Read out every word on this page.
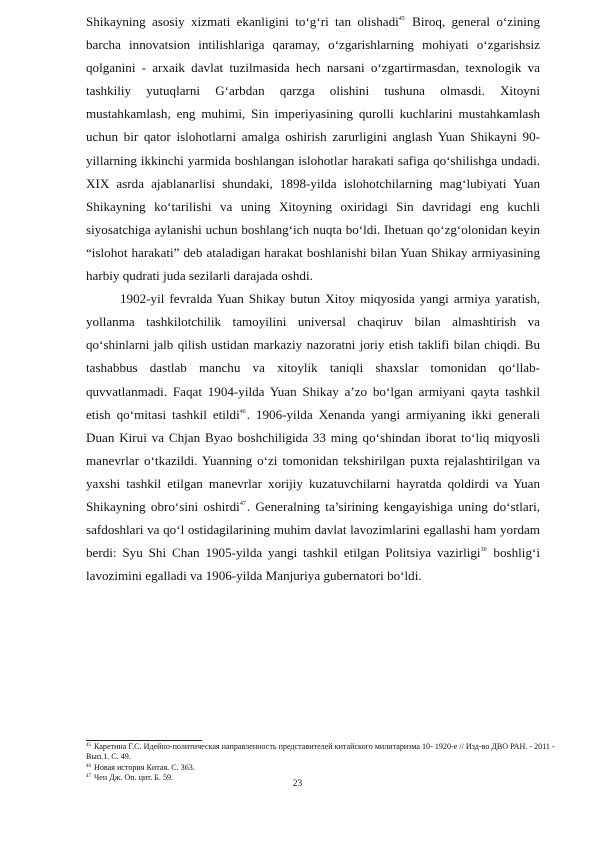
Shikayning asosiy xizmati ekanligini to‘g‘ri tan olishadi$^{45}$ Biroq, general o‘zining barcha innovatsion intilishlariga qaramay, o‘zgarishlarning mohiyati o‘zgarishsiz qolganini - arxaik davlat tuzilmasida hech narsani o‘zgartirmasdan, texnologik va tashkiliy yutuqlarni G‘arbdan qarzga olishini tushuna olmasdi. Xitoyni mustahkamlash, eng muhimi, Sin imperiyasining qurolli kuchlarini mustahkamlash uchun bir qator islohotlarni amalga oshirish zarurligini anglash Yuan Shikayni 90-yillarning ikkinchi yarmida boshlangan islohotlar harakati safiga qo‘shilishga undadi. XIX asrda ajablanarlisi shundaki, 1898-yilda islohotchilarning mag‘lubiyati Yuan Shikayning ko‘tarilishi va uning Xitoyning oxiridagi Sin davridagi eng kuchli siyosatchiga aylanishi uchun boshlang‘ich nuqta bo‘ldi. Ihetuan qo‘zg‘olonidan keyin “islohot harakati” deb ataladigan harakat boshlanishi bilan Yuan Shikay armiyasining harbiy qudrati juda sezilarli darajada oshdi.

1902-yil fevralda Yuan Shikay butun Xitoy miqyosida yangi armiya yaratish, yollanma tashkilotchilik tamoyilini universal chaqiruv bilan almashtirish va qo‘shinlarni jalb qilish ustidan markaziy nazoratni joriy etish taklifi bilan chiqdi. Bu tashabbus dastlab manchu va xitoylik taniqli shaxslar tomonidan qo‘llab-quvvatlanmadi. Faqat 1904-yilda Yuan Shikay a’zo bo‘lgan armiyani qayta tashkil etish qo‘mitasi tashkil etildi$^{46}$. 1906-yilda Xenanda yangi armiyaning ikki generali Duan Kirui va Chjan Byao boshchiligida 33 ming qo‘shindan iborat to‘liq miqyosli manevrlar o‘tkazildi. Yuanning o‘zi tomonidan tekshirilgan puxta rejalashtirilgan va yaxshi tashkil etilgan manevrlar xorijiy kuzatuvchilarni hayratda qoldirdi va Yuan Shikayning obro‘sini oshirdi$^{47}$. Generalning ta’sirining kengayishiga uning do‘stlari, safdoshlari va qo‘l ostidagilarining muhim davlat lavozimlarini egallashi ham yordam berdi: Syu Shi Chan 1905-yilda yangi tashkil etilgan Politsiya vazirligi$^{30}$ boshlig‘i lavozimini egalladi va 1906-yilda Manjuriya gubernatori bo‘ldi.

$^{45}$ Каретина Г.С. Идейно-политическая направленность представителей китайского милитаризма 10- 1920-е // Изд-во ДВО РАН. - 2011 - Вып.1. С. 49.

$^{46}$ Новая история Китая. С. 363.

$^{47}$ Чен Дж. Оп. цит. Б. 59.

23
